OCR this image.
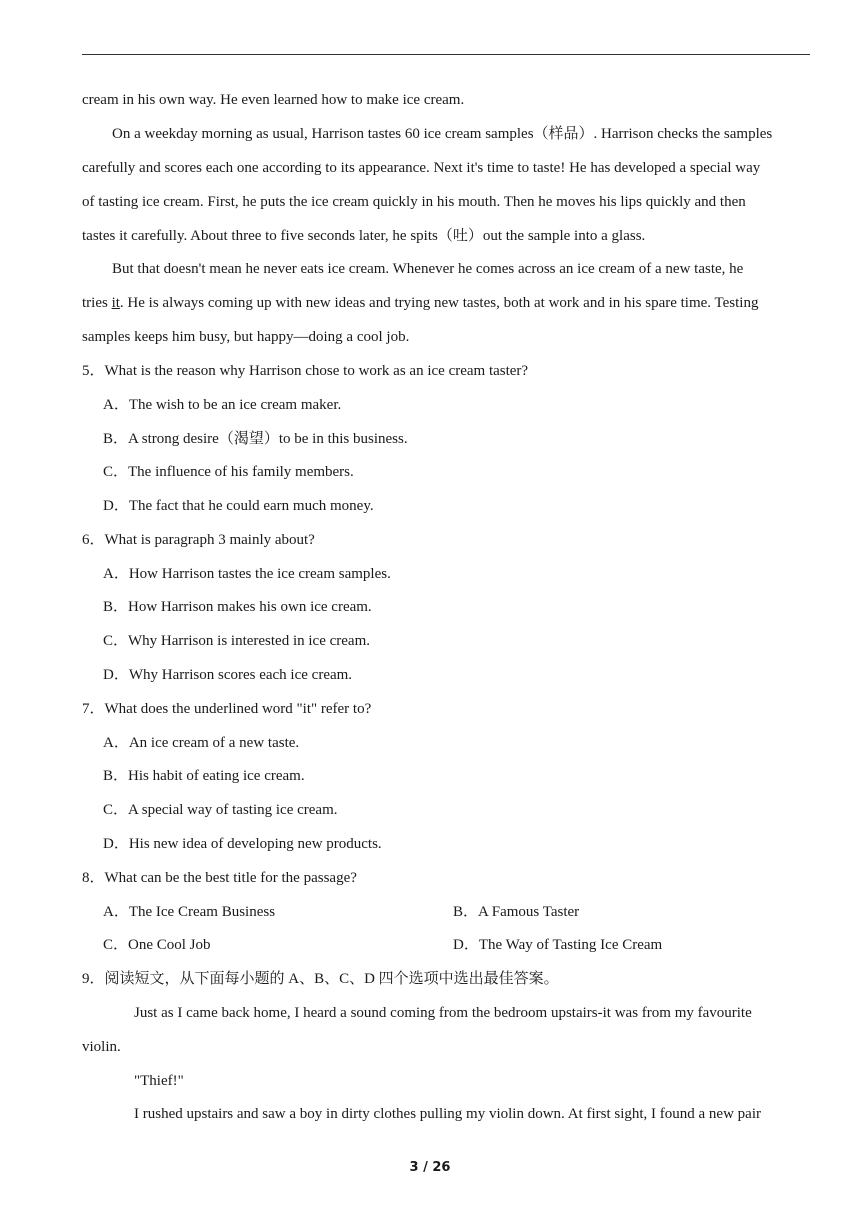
cream in his own way. He even learned how to make ice cream.
On a weekday morning as usual, Harrison tastes 60 ice cream samples（样品）. Harrison checks the samples
carefully and scores each one according to its appearance. Next it's time to taste! He has developed a special way
of tasting ice cream. First, he puts the ice cream quickly in his mouth. Then he moves his lips quickly and then
tastes it carefully. About three to five seconds later, he spits（吐）out the sample into a glass.
But that doesn't mean he never eats ice cream. Whenever he comes across an ice cream of a new taste, he
tries it. He is always coming up with new ideas and trying new tastes, both at work and in his spare time. Testing
samples keeps him busy, but happy—doing a cool job.
5．What is the reason why Harrison chose to work as an ice cream taster?
A．The wish to be an ice cream maker.
B．A strong desire（渴望）to be in this business.
C．The influence of his family members.
D．The fact that he could earn much money.
6．What is paragraph 3 mainly about?
A．How Harrison tastes the ice cream samples.
B．How Harrison makes his own ice cream.
C．Why Harrison is interested in ice cream.
D．Why Harrison scores each ice cream.
7．What does the underlined word "it" refer to?
A．An ice cream of a new taste.
B．His habit of eating ice cream.
C．A special way of tasting ice cream.
D．His new idea of developing new products.
8．What can be the best title for the passage?
A．The Ice Cream Business	B．A Famous Taster
C．One Cool Job	D．The Way of Tasting Ice Cream
9．阅读短文，从下面每小题的 A、B、C、D 四个选项中选出最佳答案。
Just as I came back home, I heard a sound coming from the bedroom upstairs-it was from my favourite
violin.
"Thief!"
I rushed upstairs and saw a boy in dirty clothes pulling my violin down. At first sight, I found a new pair
3 / 26
